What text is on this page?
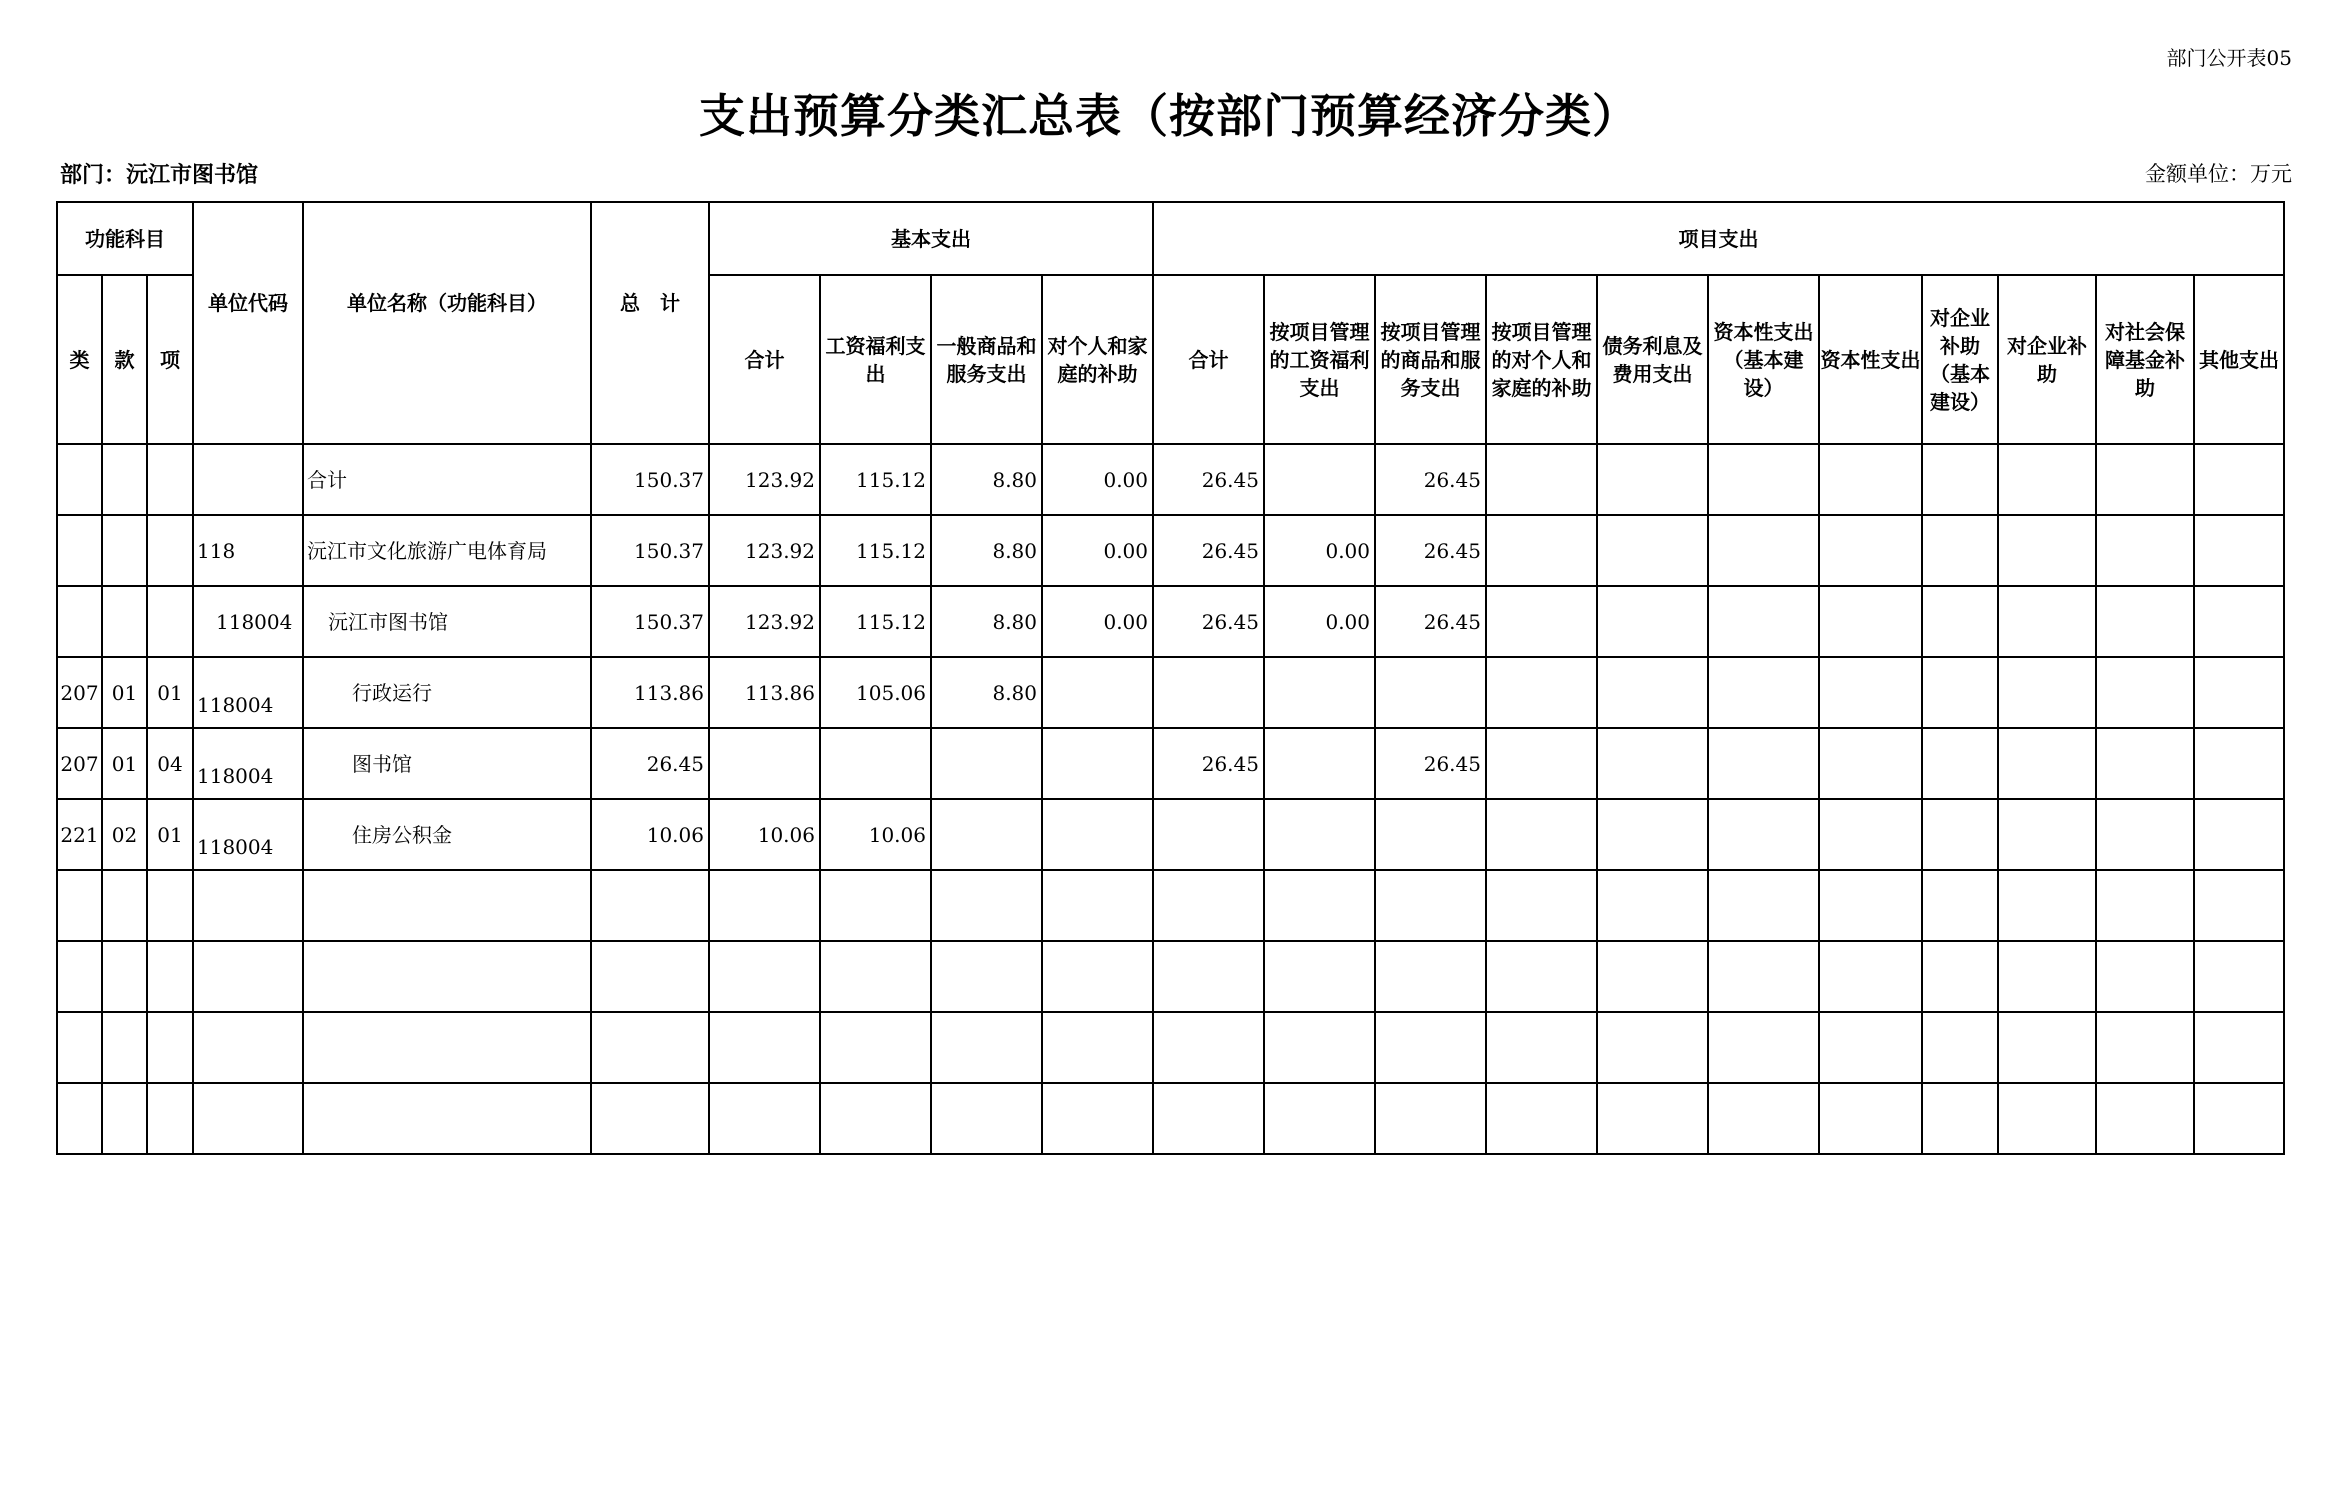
部门公开表05
支出预算分类汇总表（按部门预算经济分类）
部门：沅江市图书馆	金额单位：万元
功能科目			单位代码	单位名称（功能科目）	总　计	基本支出				项目支出										
类	款	项				合计	工资福利支出	一般商品和服务支出	对个人和家庭的补助	合计	按项目管理的工资福利支出	按项目管理的商品和服务支出	按项目管理的对个人和家庭的补助	债务利息及费用支出	资本性支出（基本建设）	资本性支出	对企业补助（基本建设）	对企业补助	对社会保障基金补助	其他支出
				合计	150.37	123.92	115.12	8.80	0.00	26.45		26.45								
			118	沅江市文化旅游广电体育局	150.37	123.92	115.12	8.80	0.00	26.45	0.00	26.45								
			118004	沅江市图书馆	150.37	123.92	115.12	8.80	0.00	26.45	0.00	26.45								
207	01	01	118004	行政运行	113.86	113.86	105.06	8.80												
207	01	04	118004	图书馆	26.45					26.45		26.45								
221	02	01	118004	住房公积金	10.06	10.06	10.06													
